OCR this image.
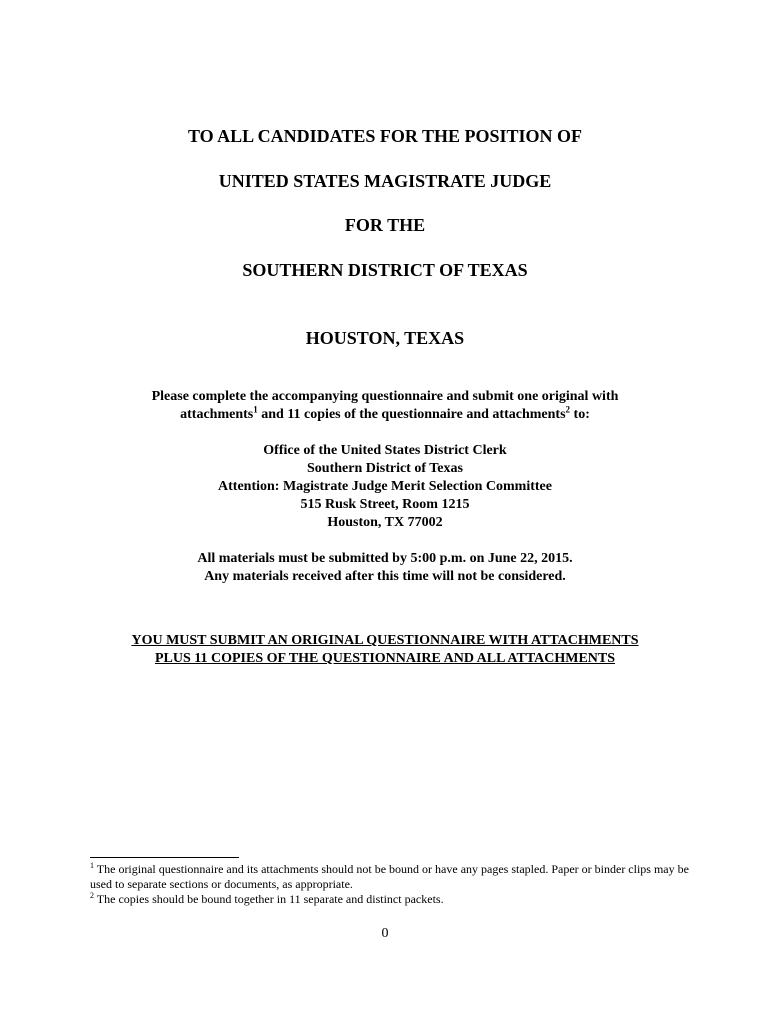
TO ALL CANDIDATES FOR THE POSITION OF
UNITED STATES MAGISTRATE JUDGE
FOR THE
SOUTHERN DISTRICT OF TEXAS
HOUSTON, TEXAS
Please complete the accompanying questionnaire and submit one original with
attachments$^1$ and 11 copies of the questionnaire and attachments$^2$ to:
Office of the United States District Clerk
Southern District of Texas
Attention: Magistrate Judge Merit Selection Committee
515 Rusk Street, Room 1215
Houston, TX 77002
All materials must be submitted by 5:00 p.m. on June 22, 2015.
Any materials received after this time will not be considered.
YOU MUST SUBMIT AN ORIGINAL QUESTIONNAIRE WITH ATTACHMENTS
PLUS 11 COPIES OF THE QUESTIONNAIRE AND ALL ATTACHMENTS
$^1$ The original questionnaire and its attachments should not be bound or have any pages stapled. Paper or binder clips may be used to separate sections or documents, as appropriate.
$^2$ The copies should be bound together in 11 separate and distinct packets.
0
